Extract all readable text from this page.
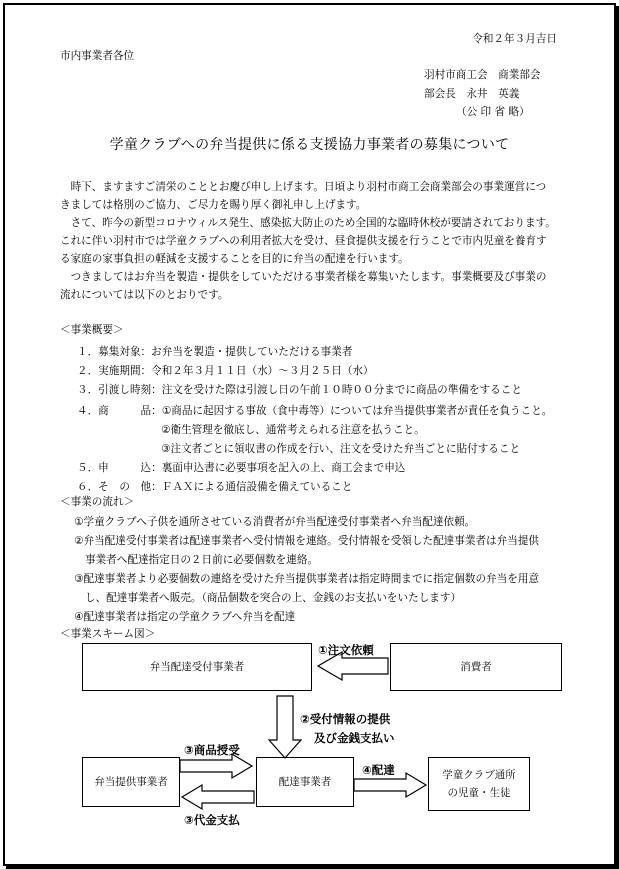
令和２年３月吉日
市内事業者各位
羽村市商工会　商業部会
部会長　永井　英義
（公 印 省 略）
学童クラブへの弁当提供に係る支援協力事業者の募集について
　時下、ますますご清栄のこととお慶び申し上げます。日頃より羽村市商工会商業部会の事業運営につ
きましては格別のご協力、ご尽力を賜り厚く御礼申し上げます。
　さて、昨今の新型コロナウィルス発生、感染拡大防止のため全国的な臨時休校が要請されております。
これに伴い羽村市では学童クラブへの利用者拡大を受け、昼食提供支援を行うことで市内児童を養育す
る家庭の家事負担の軽減を支援することを目的に弁当の配達を行います。
　つきましてはお弁当を製造・提供をしていただける事業者様を募集いたします。事業概要及び事業の
流れについては以下のとおりです。
＜事業概要＞
１．募集対象：お弁当を製造・提供していただける事業者
２．実施期間：令和２年３月１１日（水）～３月２５日（水）
３．引渡し時刻：注文を受けた際は引渡し日の午前１０時００分までに商品の準備をすること
４．商　　　品：①商品に起因する事故（食中毒等）については弁当提供事業者が責任を負うこと。
②衛生管理を徹底し、通常考えられる注意を払うこと。
③注文者ごとに領収書の作成を行い、注文を受けた弁当ごとに貼付すること
５．申　　　込：裏面申込書に必要事項を記入の上、商工会まで申込
６．そ　の　他：ＦＡＸによる通信設備を備えていること
＜事業の流れ＞
①学童クラブへ子供を通所させている消費者が弁当配達受付事業者へ弁当配達依頼。
②弁当配達受付事業者は配達事業者へ受付情報を連絡。受付情報を受領した配達事業者は弁当提供
事業者へ配達指定日の２日前に必要個数を連絡。
③配達事業者より必要個数の連絡を受けた弁当提供事業者は指定時間までに指定個数の弁当を用意
し、配達事業者へ販売。（商品個数を突合の上、金銭のお支払いをいたします）
④配達事業者は指定の学童クラブへ弁当を配達
＜事業スキーム図＞
弁当配達受付事業者	消費者
弁当提供事業者	配達事業者
学童クラブ通所
の児童・生徒
①注文依頼
②受付情報の提供
及び金銭支払い
③商品授受
③代金支払
④配達
